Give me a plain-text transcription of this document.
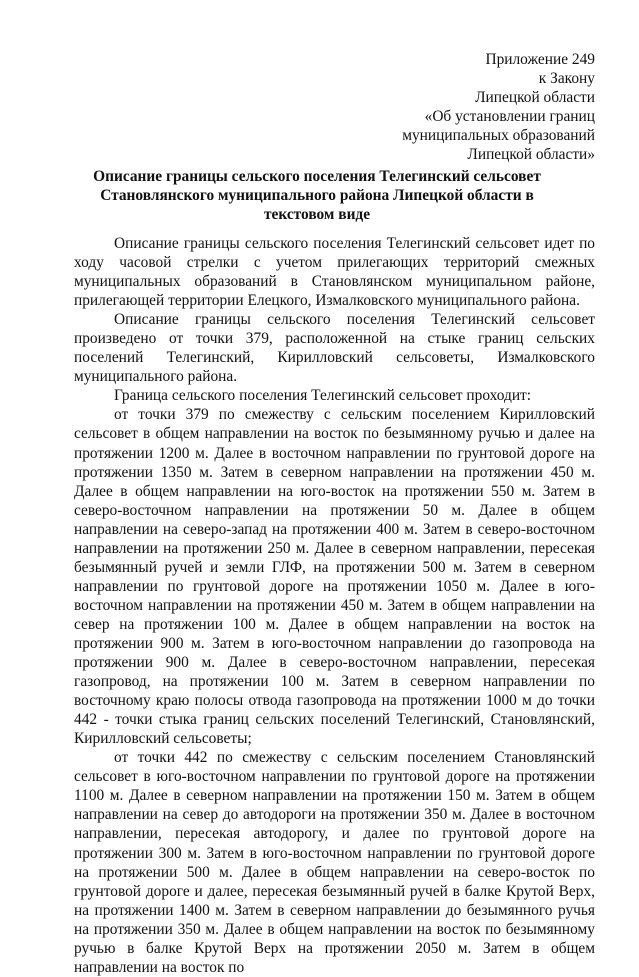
Приложение 249
к Закону
Липецкой области
«Об установлении границ
муниципальных образований
Липецкой области»
Описание границы сельского поселения Телегинский сельсовет Становлянского муниципального района Липецкой области в текстовом виде

Описание границы сельского поселения Телегинский сельсовет идет по ходу часовой стрелки с учетом прилегающих территорий смежных муниципальных образований в Становлянском муниципальном районе, прилегающей территории Елецкого, Измалковского муниципального района.

Описание границы сельского поселения Телегинский сельсовет произведено от точки 379, расположенной на стыке границ сельских поселений Телегинский, Кирилловский сельсоветы, Измалковского муниципального района.

Граница сельского поселения Телегинский сельсовет проходит:

от точки 379 по смежеству с сельским поселением Кирилловский сельсовет в общем направлении на восток по безымянному ручью и далее на протяжении 1200 м. Далее в восточном направлении по грунтовой дороге на протяжении 1350 м. Затем в северном направлении на протяжении 450 м. Далее в общем направлении на юго-восток на протяжении 550 м. Затем в северо-восточном направлении на протяжении 50 м. Далее в общем направлении на северо-запад на протяжении 400 м. Затем в северо-восточном направлении на протяжении 250 м. Далее в северном направлении, пересекая безымянный ручей и земли ГЛФ, на протяжении 500 м. Затем в северном направлении по грунтовой дороге на протяжении 1050 м. Далее в юго-восточном направлении на протяжении 450 м. Затем в общем направлении на север на протяжении 100 м. Далее в общем направлении на восток на протяжении 900 м. Затем в юго-восточном направлении до газопровода на протяжении 900 м. Далее в северо-восточном направлении, пересекая газопровод, на протяжении 100 м. Затем в северном направлении по восточному краю полосы отвода газопровода на протяжении 1000 м до точки 442 - точки стыка границ сельских поселений Телегинский, Становлянский, Кирилловский сельсоветы;

от точки 442 по смежеству с сельским поселением Становлянский сельсовет в юго-восточном направлении по грунтовой дороге на протяжении 1100 м. Далее в северном направлении на протяжении 150 м. Затем в общем направлении на север до автодороги на протяжении 350 м. Далее в восточном направлении, пересекая автодорогу, и далее по грунтовой дороге на протяжении 300 м. Затем в юго-восточном направлении по грунтовой дороге на протяжении 500 м. Далее в общем направлении на северо-восток по грунтовой дороге и далее, пересекая безымянный ручей в балке Крутой Верх, на протяжении 1400 м. Затем в северном направлении до безымянного ручья на протяжении 350 м. Далее в общем направлении на восток по безымянному ручью в балке Крутой Верх на протяжении 2050 м. Затем в общем направлении на восток по
